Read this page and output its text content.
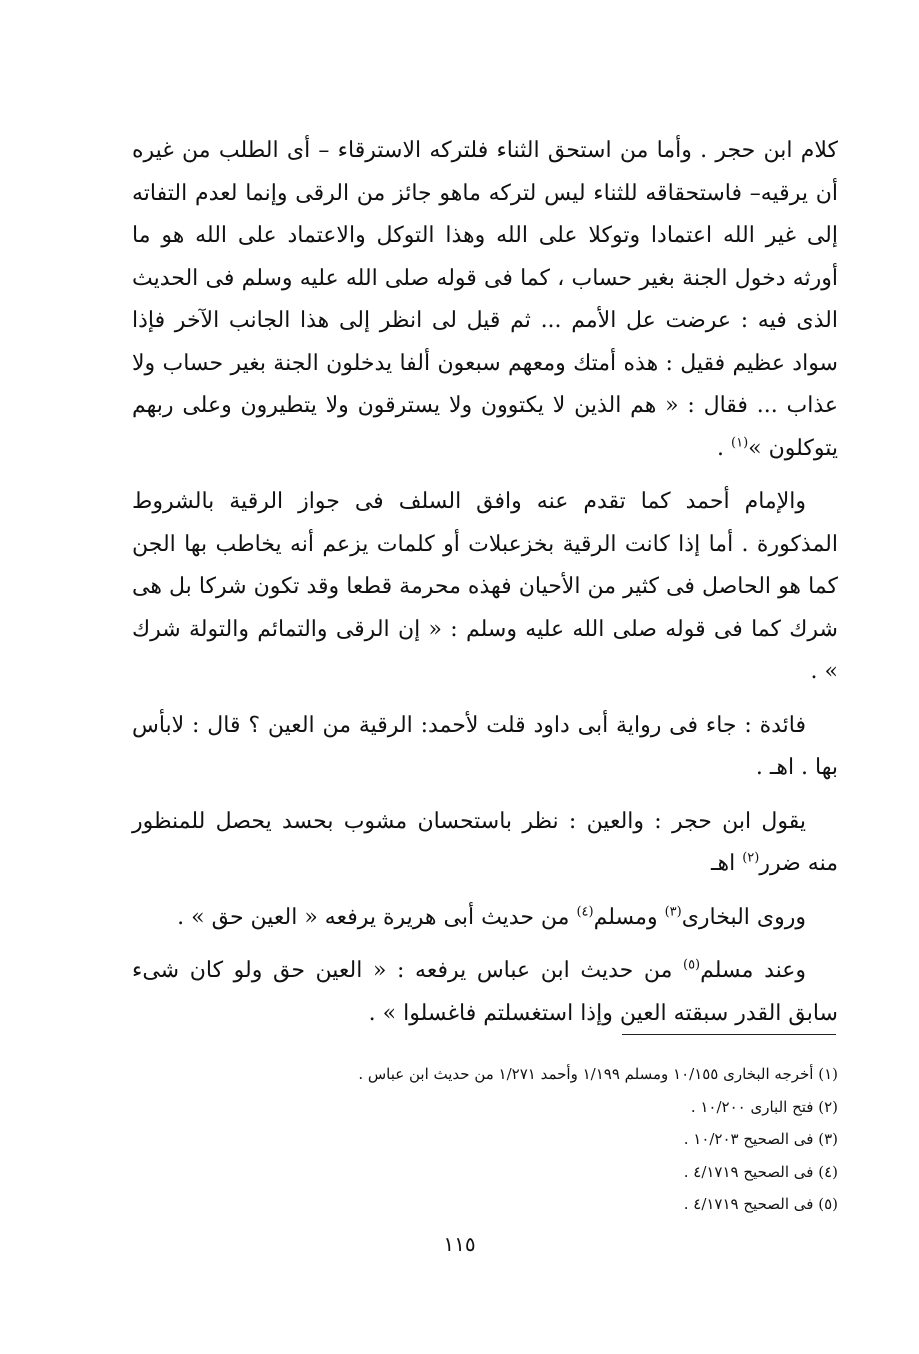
كلام ابن حجر . وأما من استحق الثناء فلتركه الاسترقاء – أى الطلب من غيره أن يرقيه– فاستحقاقه للثناء ليس لتركه ماهو جائز من الرقى وإنما لعدم التفاته إلى غير الله اعتمادا وتوكلا على الله وهذا التوكل والاعتماد على الله هو ما أورثه دخول الجنة بغير حساب ، كما فى قوله صلى الله عليه وسلم فى الحديث الذى فيه : عرضت عل الأمم ... ثم قيل لى انظر إلى هذا الجانب الآخر فإذا سواد عظيم فقيل : هذه أمتك ومعهم سبعون ألفا يدخلون الجنة بغير حساب ولا عذاب ... فقال : « هم الذين لا يكتوون ولا يسترقون ولا يتطيرون وعلى ربهم يتوكلون »$^{(١)}$ .

والإمام أحمد كما تقدم عنه وافق السلف فى جواز الرقية بالشروط المذكورة . أما إذا كانت الرقية بخزعبلات أو كلمات يزعم أنه يخاطب بها الجن كما هو الحاصل فى كثير من الأحيان فهذه محرمة قطعا وقد تكون شركا بل هى شرك كما فى قوله صلى الله عليه وسلم : « إن الرقى والتمائم والتولة شرك » .

فائدة : جاء فى رواية أبى داود قلت لأحمد: الرقية من العين ؟ قال : لابأس بها . اهـ .

يقول ابن حجر : والعين : نظر باستحسان مشوب بحسد يحصل للمنظور منه ضرر$^{(٢)}$ اهـ

وروى البخارى$^{(٣)}$ ومسلم$^{(٤)}$ من حديث أبى هريرة يرفعه « العين حق » .

وعند مسلم$^{(٥)}$ من حديث ابن عباس يرفعه : « العين حق ولو كان شىء سابق القدر سبقته العين وإذا استغسلتم فاغسلوا » .

(١) أخرجه البخارى ١٠/١٥٥ ومسلم ١/١٩٩ وأحمد ١/٢٧١ من حديث ابن عباس .

(٢) فتح البارى ١٠/٢٠٠ .

(٣) فى الصحيح ١٠/٢٠٣ .

(٤) فى الصحيح ٤/١٧١٩ .

(٥) فى الصحيح ٤/١٧١٩ .

١١٥
